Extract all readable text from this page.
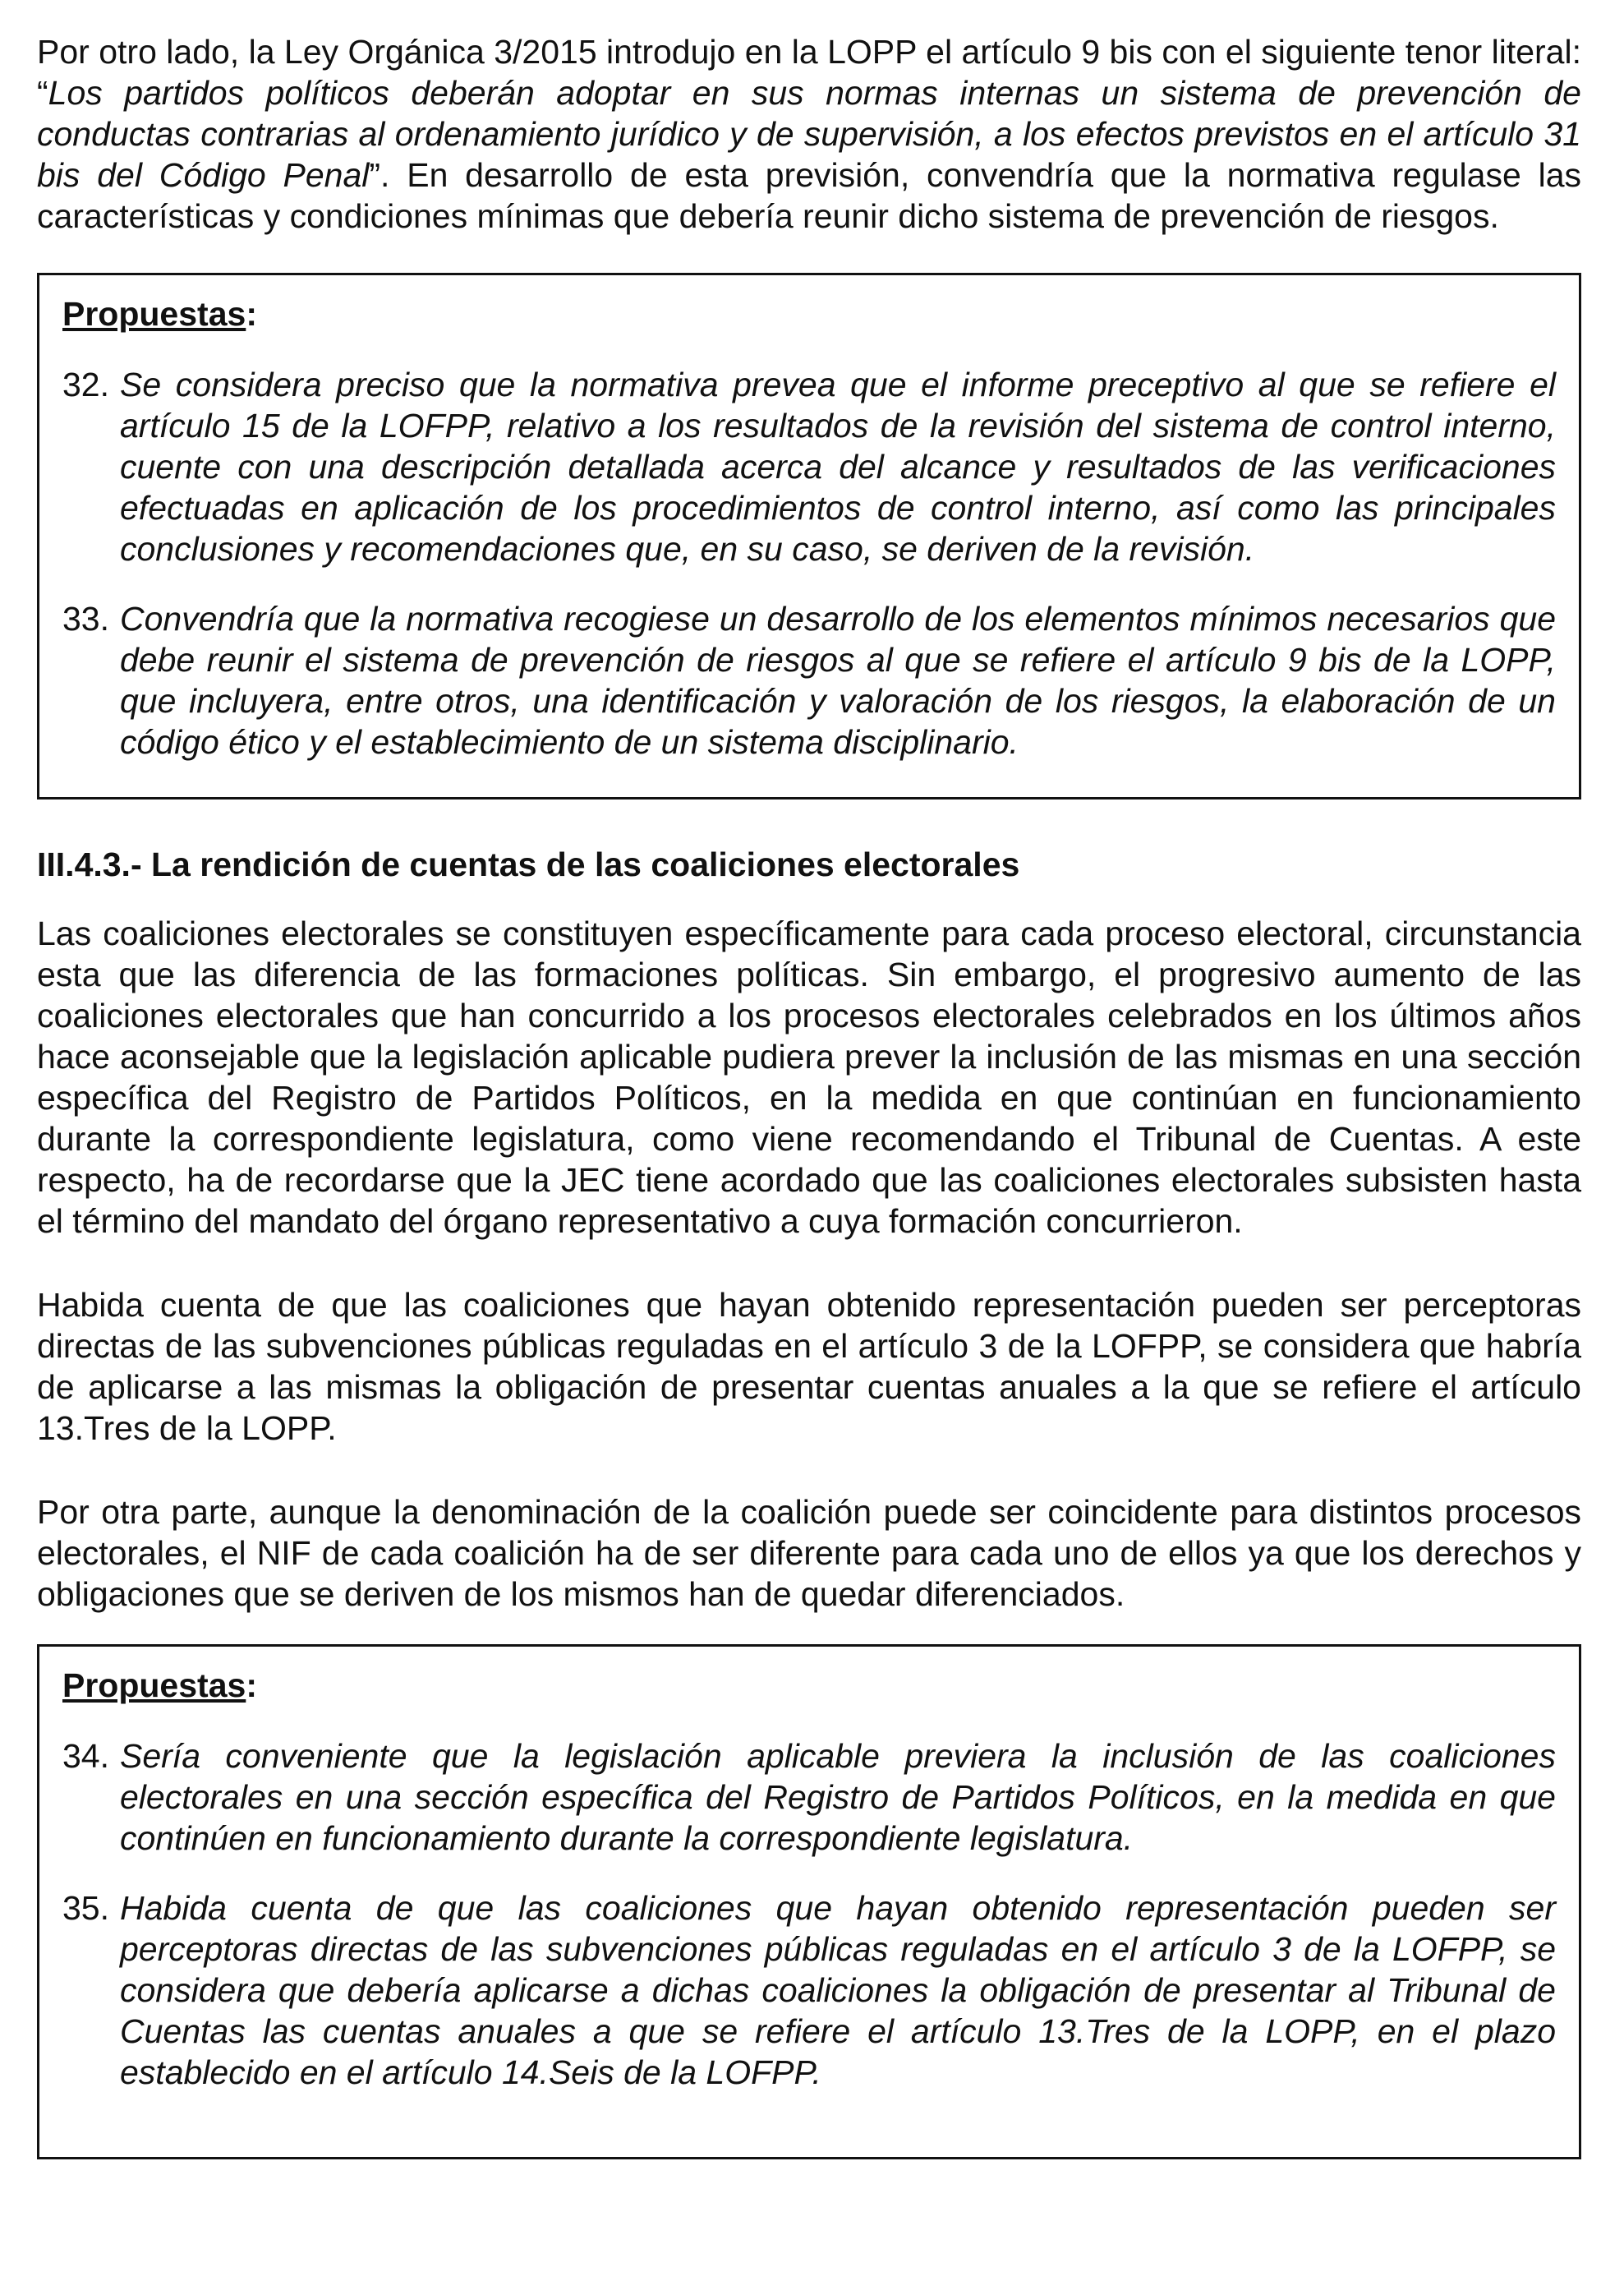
Por otro lado, la Ley Orgánica 3/2015 introdujo en la LOPP el artículo 9 bis con el siguiente tenor literal: “Los partidos políticos deberán adoptar en sus normas internas un sistema de prevención de conductas contrarias al ordenamiento jurídico y de supervisión, a los efectos previstos en el artículo 31 bis del Código Penal”. En desarrollo de esta previsión, convendría que la normativa regulase las características y condiciones mínimas que debería reunir dicho sistema de prevención de riesgos.

Propuestas:
32. Se considera preciso que la normativa prevea que el informe preceptivo al que se refiere el artículo 15 de la LOFPP, relativo a los resultados de la revisión del sistema de control interno, cuente con una descripción detallada acerca del alcance y resultados de las verificaciones efectuadas en aplicación de los procedimientos de control interno, así como las principales conclusiones y recomendaciones que, en su caso, se deriven de la revisión.
33. Convendría que la normativa recogiese un desarrollo de los elementos mínimos necesarios que debe reunir el sistema de prevención de riesgos al que se refiere el artículo 9 bis de la LOPP, que incluyera, entre otros, una identificación y valoración de los riesgos, la elaboración de un código ético y el establecimiento de un sistema disciplinario.
III.4.3.- La rendición de cuentas de las coaliciones electorales

Las coaliciones electorales se constituyen específicamente para cada proceso electoral, circunstancia esta que las diferencia de las formaciones políticas. Sin embargo, el progresivo aumento de las coaliciones electorales que han concurrido a los procesos electorales celebrados en los últimos años hace aconsejable que la legislación aplicable pudiera prever la inclusión de las mismas en una sección específica del Registro de Partidos Políticos, en la medida en que continúan en funcionamiento durante la correspondiente legislatura, como viene recomendando el Tribunal de Cuentas. A este respecto, ha de recordarse que la JEC tiene acordado que las coaliciones electorales subsisten hasta el término del mandato del órgano representativo a cuya formación concurrieron.

Habida cuenta de que las coaliciones que hayan obtenido representación pueden ser perceptoras directas de las subvenciones públicas reguladas en el artículo 3 de la LOFPP, se considera que habría de aplicarse a las mismas la obligación de presentar cuentas anuales a la que se refiere el artículo 13.Tres de la LOPP.

Por otra parte, aunque la denominación de la coalición puede ser coincidente para distintos procesos electorales, el NIF de cada coalición ha de ser diferente para cada uno de ellos ya que los derechos y obligaciones que se deriven de los mismos han de quedar diferenciados.

Propuestas:
34. Sería conveniente que la legislación aplicable previera la inclusión de las coaliciones electorales en una sección específica del Registro de Partidos Políticos, en la medida en que continúen en funcionamiento durante la correspondiente legislatura.
35. Habida cuenta de que las coaliciones que hayan obtenido representación pueden ser perceptoras directas de las subvenciones públicas reguladas en el artículo 3 de la LOFPP, se considera que debería aplicarse a dichas coaliciones la obligación de presentar al Tribunal de Cuentas las cuentas anuales a que se refiere el artículo 13.Tres de la LOPP, en el plazo establecido en el artículo 14.Seis de la LOFPP.
